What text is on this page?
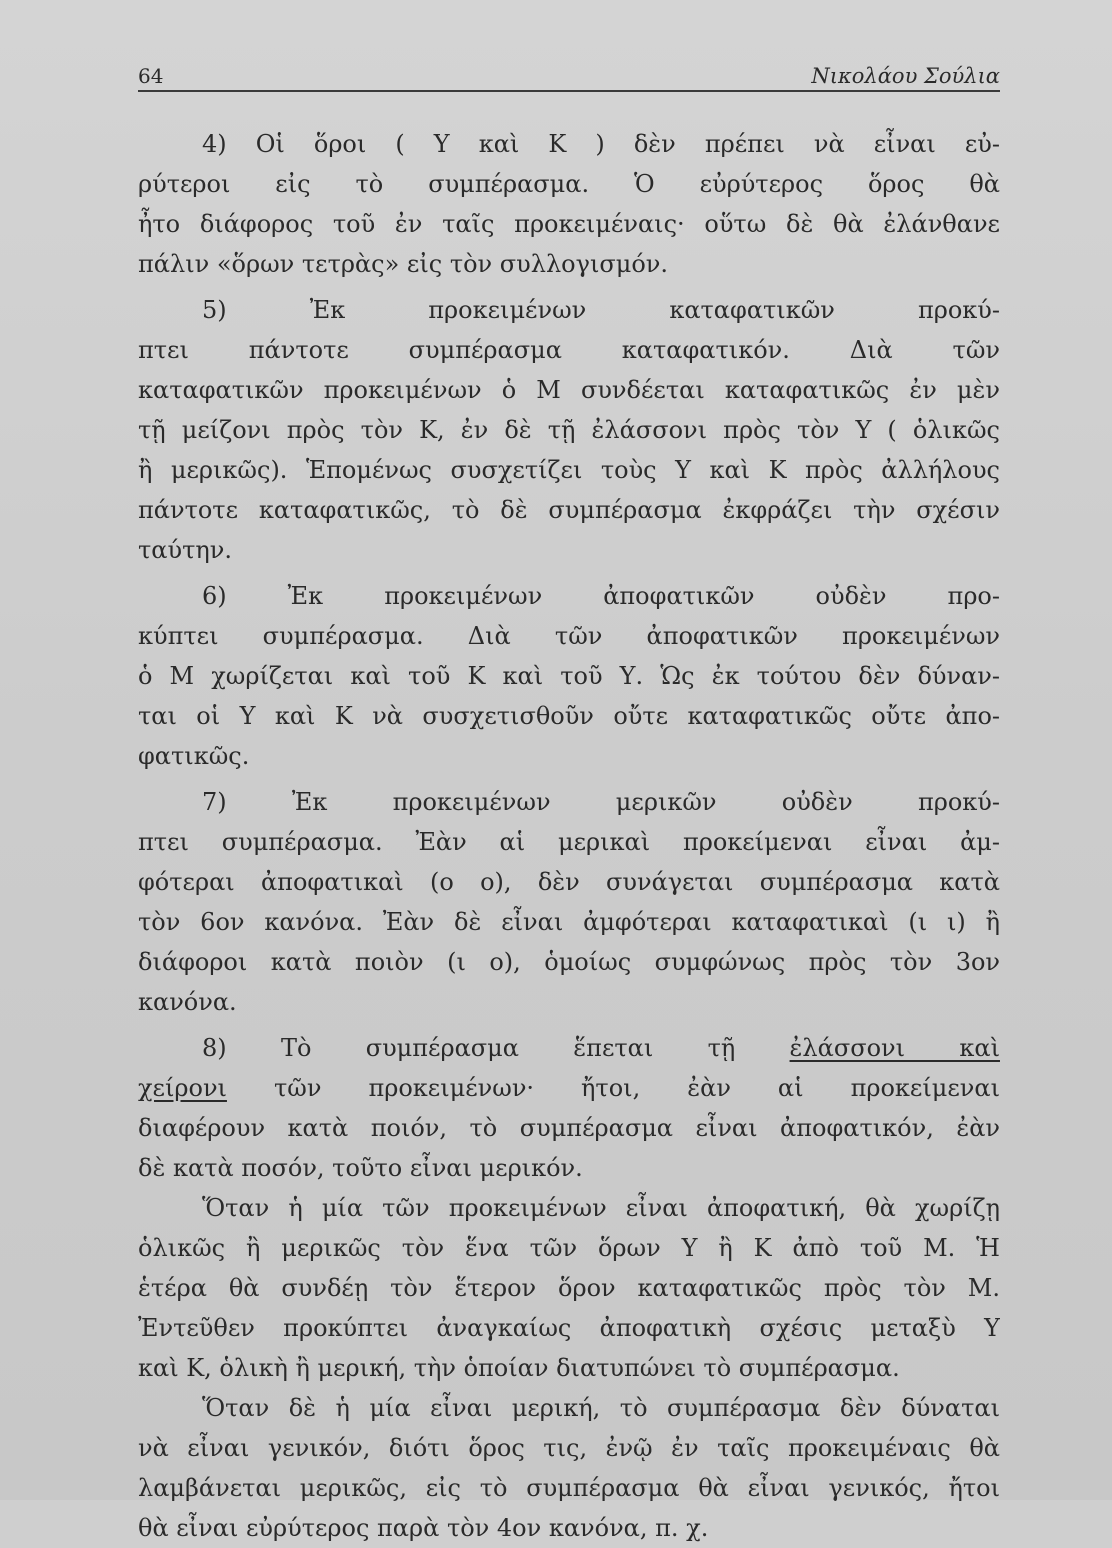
64	Νικολάου Σούλια
4) Οἱ ὅροι ( Υ καὶ Κ ) δὲν πρέπει νὰ εἶναι εὐ-
ρύτεροι εἰς τὸ συμπέρασμα. Ὁ εὐρύτερος ὅρος θὰ
ἦτο διάφορος τοῦ ἐν ταῖς προκειμέναις· οὕτω δὲ θὰ ἐλάνθανε
πάλιν «ὅρων τετρὰς» εἰς τὸν συλλογισμόν.
5) Ἐκ προκειμένων καταφατικῶν προκύ-
πτει πάντοτε συμπέρασμα καταφατικόν. Διὰ τῶν
καταφατικῶν προκειμένων ὁ Μ συνδέεται καταφατικῶς ἐν μὲν
τῇ μείζονι πρὸς τὸν Κ, ἐν δὲ τῇ ἐλάσσονι πρὸς τὸν Υ ( ὁλικῶς
ἢ μερικῶς). Ἑπομένως συσχετίζει τοὺς Υ καὶ Κ πρὸς ἀλλήλους
πάντοτε καταφατικῶς, τὸ δὲ συμπέρασμα ἐκφράζει τὴν σχέσιν
ταύτην.
6) Ἐκ προκειμένων ἀποφατικῶν οὐδὲν προ-
κύπτει συμπέρασμα. Διὰ τῶν ἀποφατικῶν προκειμένων
ὁ Μ χωρίζεται καὶ τοῦ Κ καὶ τοῦ Υ. Ὡς ἐκ τούτου δὲν δύναν-
ται οἱ Υ καὶ Κ νὰ συσχετισθοῦν οὔτε καταφατικῶς οὔτε ἀπο-
φατικῶς.
7) Ἐκ προκειμένων μερικῶν οὐδὲν προκύ-
πτει συμπέρασμα. Ἐὰν αἱ μερικαὶ προκείμεναι εἶναι ἀμ-
φότεραι ἀποφατικαὶ (ο ο), δὲν συνάγεται συμπέρασμα κατὰ
τὸν 6ον κανόνα. Ἐὰν δὲ εἶναι ἀμφότεραι καταφατικαὶ (ι ι) ἢ
διάφοροι κατὰ ποιὸν (ι ο), ὁμοίως συμφώνως πρὸς τὸν 3ον
κανόνα.
8) Τὸ συμπέρασμα ἕπεται τῇ ἐλάσσονι καὶ
χείρονι τῶν προκειμένων· ἤτοι, ἐὰν αἱ προκείμεναι
διαφέρουν κατὰ ποιόν, τὸ συμπέρασμα εἶναι ἀποφατικόν, ἐὰν
δὲ κατὰ ποσόν, τοῦτο εἶναι μερικόν.
Ὅταν ἡ μία τῶν προκειμένων εἶναι ἀποφατική, θὰ χωρίζῃ
ὁλικῶς ἢ μερικῶς τὸν ἕνα τῶν ὅρων Υ ἢ Κ ἀπὸ τοῦ Μ. Ἡ
ἑτέρα θὰ συνδέῃ τὸν ἕτερον ὅρον καταφατικῶς πρὸς τὸν Μ.
Ἐντεῦθεν προκύπτει ἀναγκαίως ἀποφατικὴ σχέσις μεταξὺ Υ
καὶ Κ, ὁλικὴ ἢ μερική, τὴν ὁποίαν διατυπώνει τὸ συμπέρασμα.
Ὅταν δὲ ἡ μία εἶναι μερική, τὸ συμπέρασμα δὲν δύναται
νὰ εἶναι γενικόν, διότι ὅρος τις, ἐνῷ ἐν ταῖς προκειμέναις θὰ
λαμβάνεται μερικῶς, εἰς τὸ συμπέρασμα θὰ εἶναι γενικός, ἤτοι
θὰ εἶναι εὐρύτερος παρὰ τὸν 4ον κανόνα, π. χ.
